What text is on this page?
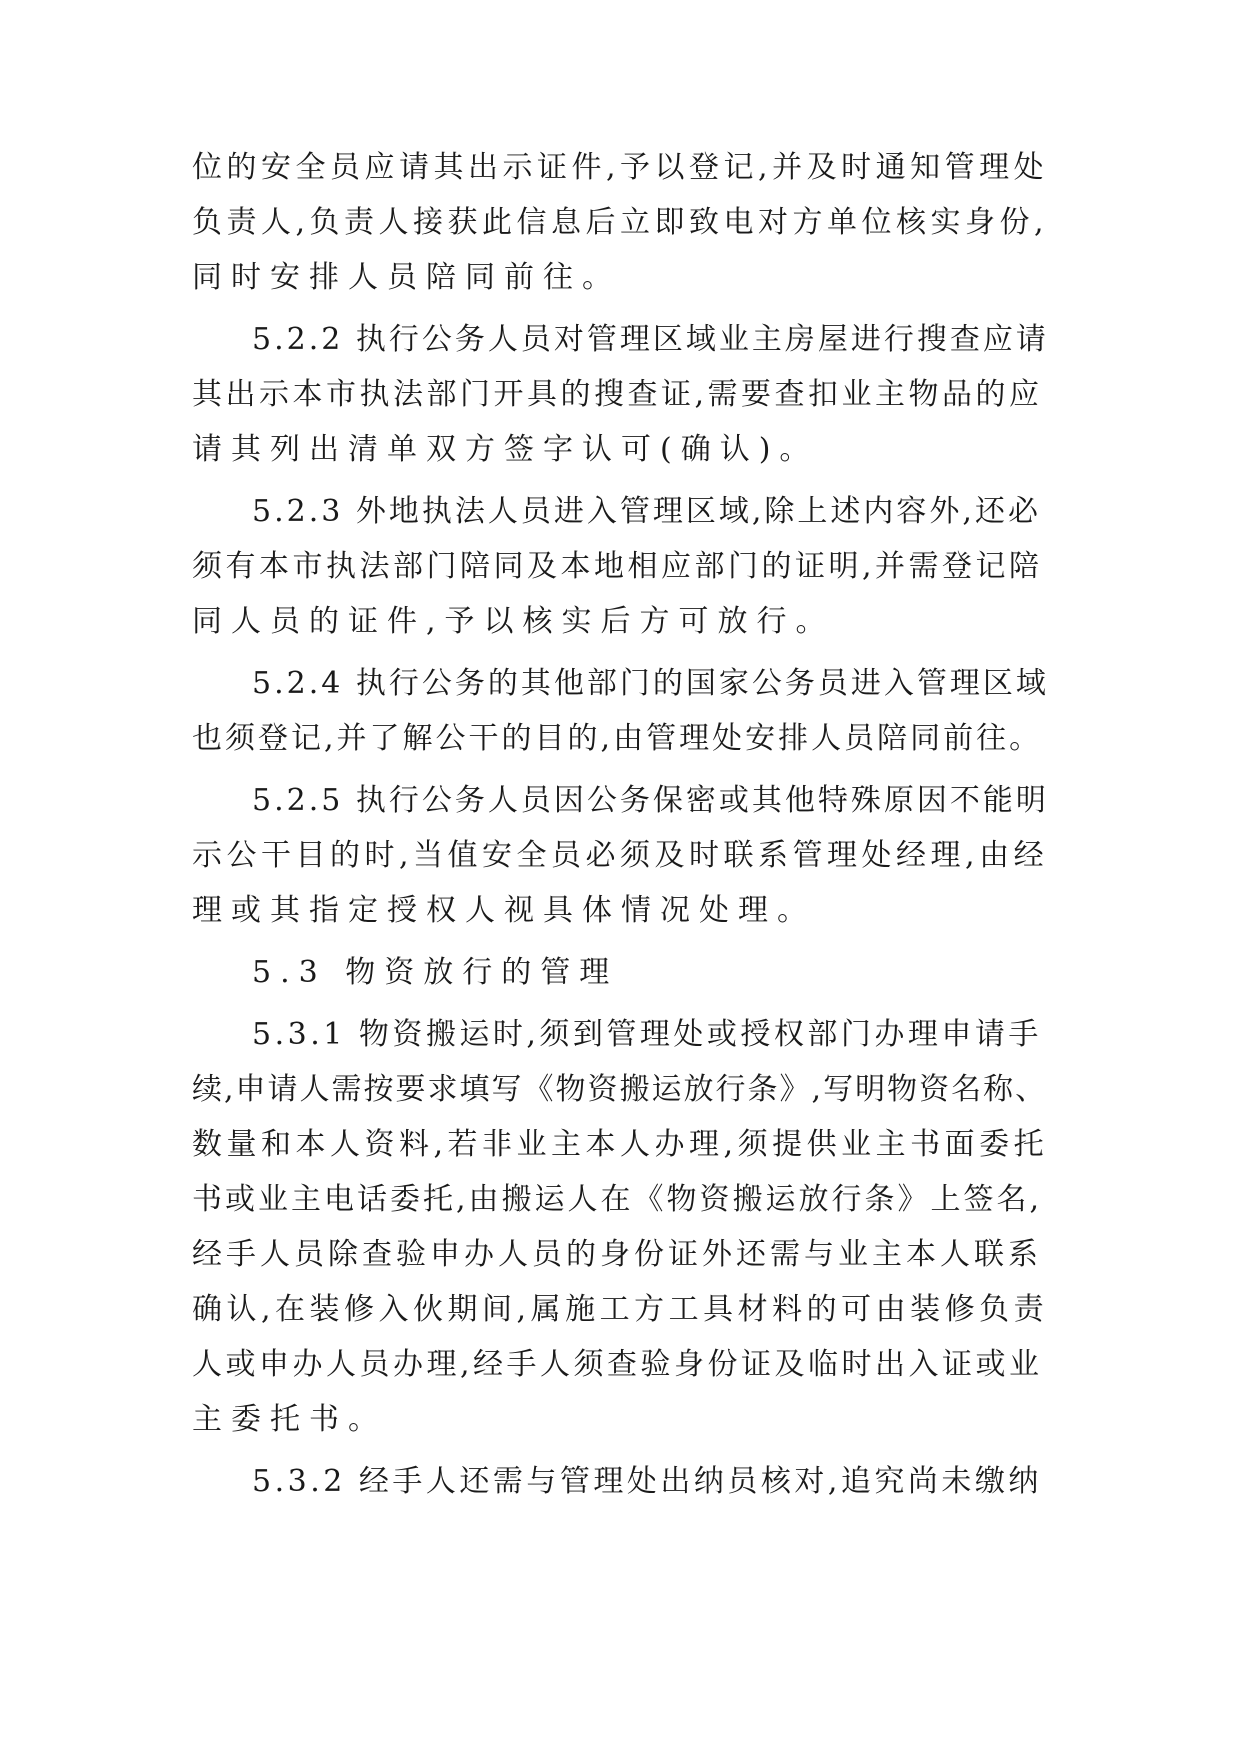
位的安全员应请其出示证件,予以登记,并及时通知管理处
负责人,负责人接获此信息后立即致电对方单位核实身份,
同时安排人员陪同前往。
5.2.2 执行公务人员对管理区域业主房屋进行搜查应请
其出示本市执法部门开具的搜查证,需要查扣业主物品的应
请其列出清单双方签字认可(确认)。
5.2.3 外地执法人员进入管理区域,除上述内容外,还必
须有本市执法部门陪同及本地相应部门的证明,并需登记陪
同人员的证件,予以核实后方可放行。
5.2.4 执行公务的其他部门的国家公务员进入管理区域
也须登记,并了解公干的目的,由管理处安排人员陪同前往。
5.2.5 执行公务人员因公务保密或其他特殊原因不能明
示公干目的时,当值安全员必须及时联系管理处经理,由经
理或其指定授权人视具体情况处理。
5.3 物资放行的管理
5.3.1 物资搬运时,须到管理处或授权部门办理申请手
续,申请人需按要求填写《物资搬运放行条》,写明物资名称、
数量和本人资料,若非业主本人办理,须提供业主书面委托
书或业主电话委托,由搬运人在《物资搬运放行条》上签名,
经手人员除查验申办人员的身份证外还需与业主本人联系
确认,在装修入伙期间,属施工方工具材料的可由装修负责
人或申办人员办理,经手人须查验身份证及临时出入证或业
主委托书。
5.3.2 经手人还需与管理处出纳员核对,追究尚未缴纳
